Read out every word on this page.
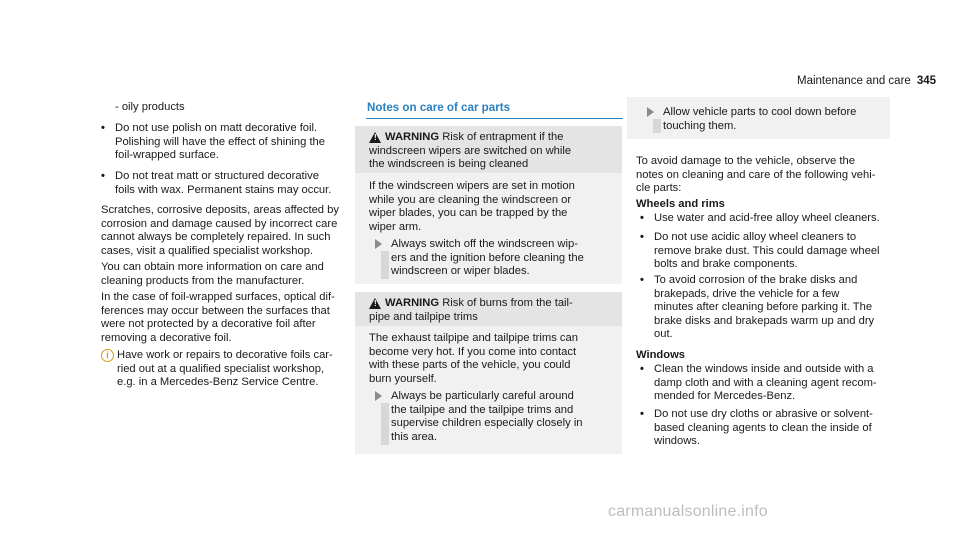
Maintenance and care 345
- oily products
• Do not use polish on matt decorative foil.
Polishing will have the effect of shining the
foil-wrapped surface.
• Do not treat matt or structured decorative
foils with wax. Permanent stains may occur.
Scratches, corrosive deposits, areas affected by
corrosion and damage caused by incorrect care
cannot always be completely repaired. In such
cases, visit a qualified specialist workshop.
You can obtain more information on care and
cleaning products from the manufacturer.
In the case of foil-wrapped surfaces, optical dif-
ferences may occur between the surfaces that
were not protected by a decorative foil after
removing a decorative foil.
i Have work or repairs to decorative foils car-
ried out at a qualified specialist workshop,
e.g. in a Mercedes-Benz Service Centre.
Notes on care of car parts
! WARNING Risk of entrapment if the
windscreen wipers are switched on while
the windscreen is being cleaned
If the windscreen wipers are set in motion
while you are cleaning the windscreen or
wiper blades, you can be trapped by the
wiper arm.
Always switch off the windscreen wip-
ers and the ignition before cleaning the
windscreen or wiper blades.
! WARNING Risk of burns from the tail-
pipe and tailpipe trims
The exhaust tailpipe and tailpipe trims can
become very hot. If you come into contact
with these parts of the vehicle, you could
burn yourself.
Always be particularly careful around
the tailpipe and the tailpipe trims and
supervise children especially closely in
this area.
Allow vehicle parts to cool down before
touching them.
To avoid damage to the vehicle, observe the
notes on cleaning and care of the following vehi-
cle parts:
Wheels and rims
• Use water and acid-free alloy wheel cleaners.
• Do not use acidic alloy wheel cleaners to
remove brake dust. This could damage wheel
bolts and brake components.
• To avoid corrosion of the brake disks and
brakepads, drive the vehicle for a few
minutes after cleaning before parking it. The
brake disks and brakepads warm up and dry
out.
Windows
• Clean the windows inside and outside with a
damp cloth and with a cleaning agent recom-
mended for Mercedes-Benz.
• Do not use dry cloths or abrasive or solvent-
based cleaning agents to clean the inside of
windows.
carmanualsonline.info
